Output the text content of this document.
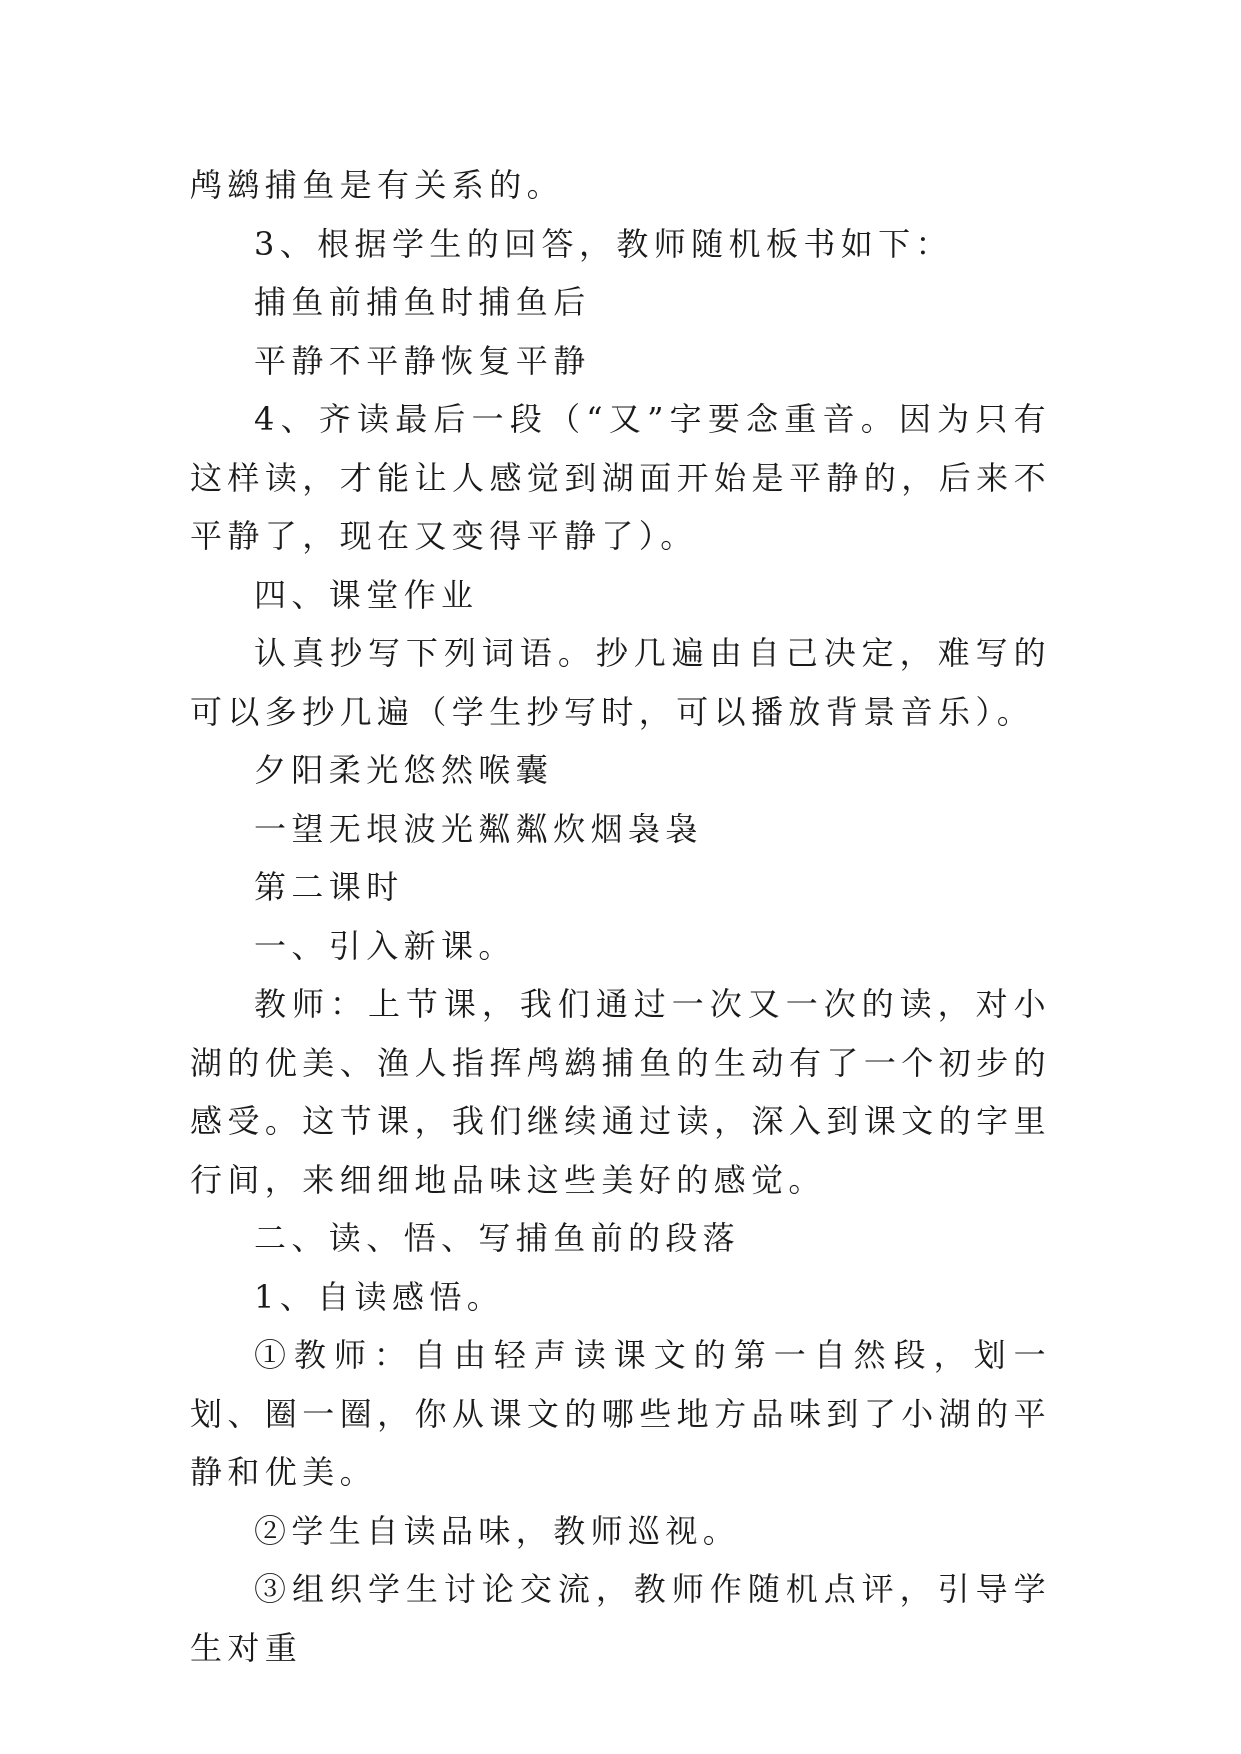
鸬鹚捕鱼是有关系的。

3、根据学生的回答，教师随机板书如下：

捕鱼前捕鱼时捕鱼后

平静不平静恢复平静

4、齐读最后一段（“又”字要念重音。因为只有这样读，才能让人感觉到湖面开始是平静的，后来不平静了，现在又变得平静了）。

四、课堂作业

认真抄写下列词语。抄几遍由自己决定，难写的可以多抄几遍（学生抄写时，可以播放背景音乐）。

夕阳柔光悠然喉囊

一望无垠波光粼粼炊烟袅袅

第二课时

一、引入新课。

教师：上节课，我们通过一次又一次的读，对小湖的优美、渔人指挥鸬鹚捕鱼的生动有了一个初步的感受。这节课，我们继续通过读，深入到课文的字里行间，来细细地品味这些美好的感觉。

二、读、悟、写捕鱼前的段落

1、自读感悟。

①教师：自由轻声读课文的第一自然段，划一划、圈一圈，你从课文的哪些地方品味到了小湖的平静和优美。

②学生自读品味，教师巡视。

③组织学生讨论交流，教师作随机点评，引导学生对重
